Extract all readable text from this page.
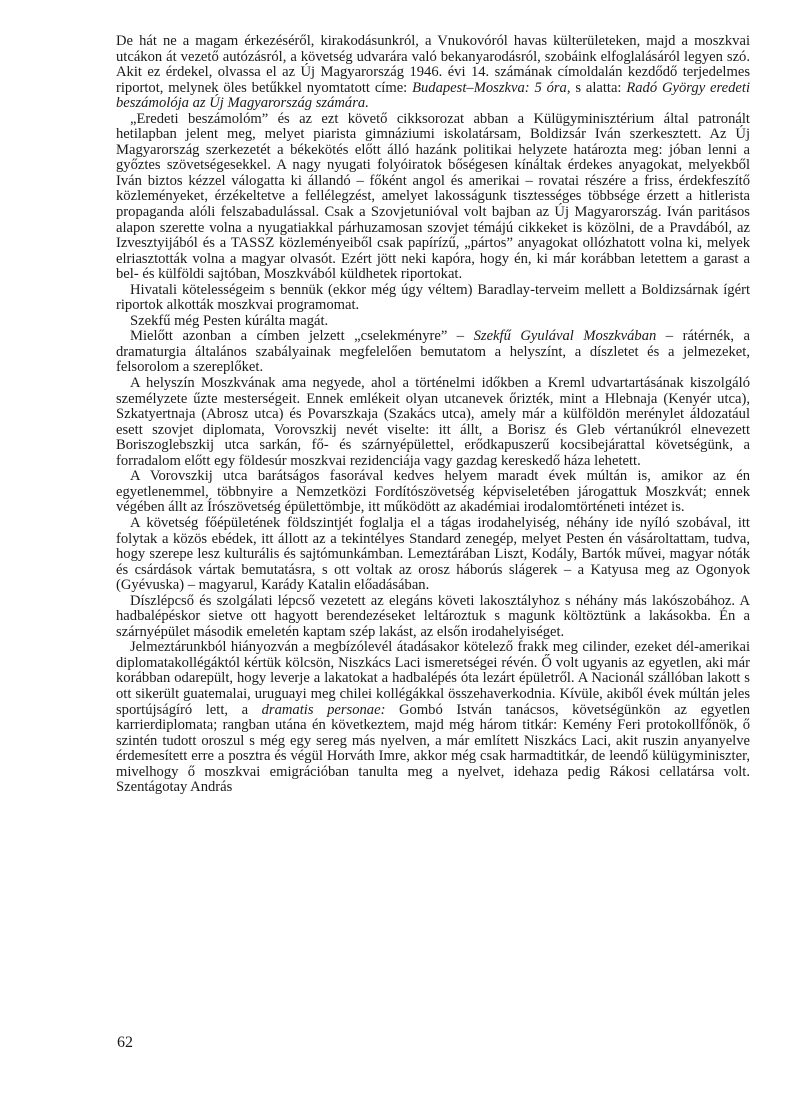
De hát ne a magam érkezéséről, kirakodásunkról, a Vnukovóról havas külterületeken, majd a moszkvai utcákon át vezető autózásról, a követség udvarára való bekanyarodásról, szobáink elfoglalásáról legyen szó. Akit ez érdekel, olvassa el az Új Magyarország 1946. évi 14. számának címoldalán kezdődő terjedelmes riportot, melynek öles betűkkel nyomtatott címe: Budapest–Moszkva: 5 óra, s alatta: Radó György eredeti beszámolója az Új Magyarország számára.

„Eredeti beszámolóm” és az ezt követő cikksorozat abban a Külügyminisztérium által patronált hetilapban jelent meg, melyet piarista gimnáziumi iskolatársam, Boldizsár Iván szerkesztett. Az Új Magyarország szerkezetét a békekötés előtt álló hazánk politikai helyzete határozta meg: jóban lenni a győztes szövetségesekkel. A nagy nyugati folyóiratok bőségesen kínáltak érdekes anyagokat, melyekből Iván biztos kézzel válogatta ki állandó – főként angol és amerikai – rovatai részére a friss, érdekfeszítő közleményeket, érzékeltetve a fellélegzést, amelyet lakosságunk tisztességes többsége érzett a hitlerista propaganda alóli felszabadulással. Csak a Szovjetunióval volt bajban az Új Magyarország. Iván paritásos alapon szerette volna a nyugatiakkal párhuzamosan szovjet témájú cikkeket is közölni, de a Pravdából, az Izvesztyijából és a TASSZ közleményeiből csak papírízű, „pártos” anyagokat ollózhatott volna ki, melyek elriasztották volna a magyar olvasót. Ezért jött neki kapóra, hogy én, ki már korábban letettem a garast a bel- és külföldi sajtóban, Moszkvából küldhetek riportokat.

Hivatali kötelességeim s bennük (ekkor még úgy véltem) Baradlay-terveim mellett a Boldizsárnak ígért riportok alkották moszkvai programomat.

Szekfű még Pesten kúrálta magát.

Mielőtt azonban a címben jelzett „cselekményre” – Szekfű Gyulával Moszkvában – rátérnék, a dramaturgia általános szabályainak megfelelően bemutatom a helyszínt, a díszletet és a jelmezeket, felsorolom a szereplőket.

A helyszín Moszkvának ama negyede, ahol a történelmi időkben a Kreml udvartartásának kiszolgáló személyzete űzte mesterségeit. Ennek emlékeit olyan utcanevek őrizték, mint a Hlebnaja (Kenyér utca), Szkatyertnaja (Abrosz utca) és Povarszkaja (Szakács utca), amely már a külföldön merénylet áldozatául esett szovjet diplomata, Vorovszkij nevét viselte: itt állt, a Borisz és Gleb vértanúkról elnevezett Boriszoglebszkij utca sarkán, fő- és szárnyépülettel, erődkapuszerű kocsibejárattal követségünk, a forradalom előtt egy földesúr moszkvai rezidenciája vagy gazdag kereskedő háza lehetett.

A Vorovszkij utca barátságos fasorával kedves helyem maradt évek múltán is, amikor az én egyetlenemmel, többnyire a Nemzetközi Fordítószövetség képviseletében járogattuk Moszkvát; ennek végében állt az Írószövetség épülettömbje, itt működött az akadémiai irodalomtörténeti intézet is.

A követség főépületének földszintjét foglalja el a tágas irodahelyiség, néhány ide nyíló szobával, itt folytak a közös ebédek, itt állott az a tekintélyes Standard zenegép, melyet Pesten én vásároltattam, tudva, hogy szerepe lesz kulturális és sajtómunkámban. Lemeztárában Liszt, Kodály, Bartók művei, magyar nóták és csárdások vártak bemutatásra, s ott voltak az orosz háborús slágerek – a Katyusa meg az Ogonyok (Gyévuska) – magyarul, Karády Katalin előadásában.

Díszlépcső és szolgálati lépcső vezetett az elegáns követi lakosztályhoz s néhány más lakószobához. A hadbalépéskor sietve ott hagyott berendezéseket leltároztuk s magunk költöztünk a lakásokba. Én a szárnyépület második emeletén kaptam szép lakást, az elsőn irodahelyiséget.

Jelmeztárunkból hiányozván a megbízólevél átadásakor kötelező frakk meg cilinder, ezeket dél-amerikai diplomatakollégáktól kértük kölcsön, Niszkács Laci ismeretségei révén. Ő volt ugyanis az egyetlen, aki már korábban odarepült, hogy leverje a lakatokat a hadbalépés óta lezárt épületről. A Nacionál szállóban lakott s ott sikerült guatemalai, uruguayi meg chilei kollégákkal összehaverkodnia. Kívüle, akiből évek múltán jeles sportújságíró lett, a dramatis personae: Gombó István tanácsos, követségünkön az egyetlen karrierdiplomata; rangban utána én következtem, majd még három titkár: Kemény Feri protokollfőnök, ő szintén tudott oroszul s még egy sereg más nyelven, a már említett Niszkács Laci, akit ruszin anyanyelve érdemesített erre a posztra és végül Horváth Imre, akkor még csak harmadtitkár, de leendő külügyminiszter, mivelhogy ő moszkvai emigrációban tanulta meg a nyelvet, idehaza pedig Rákosi cellatársa volt. Szentágotay András

62
